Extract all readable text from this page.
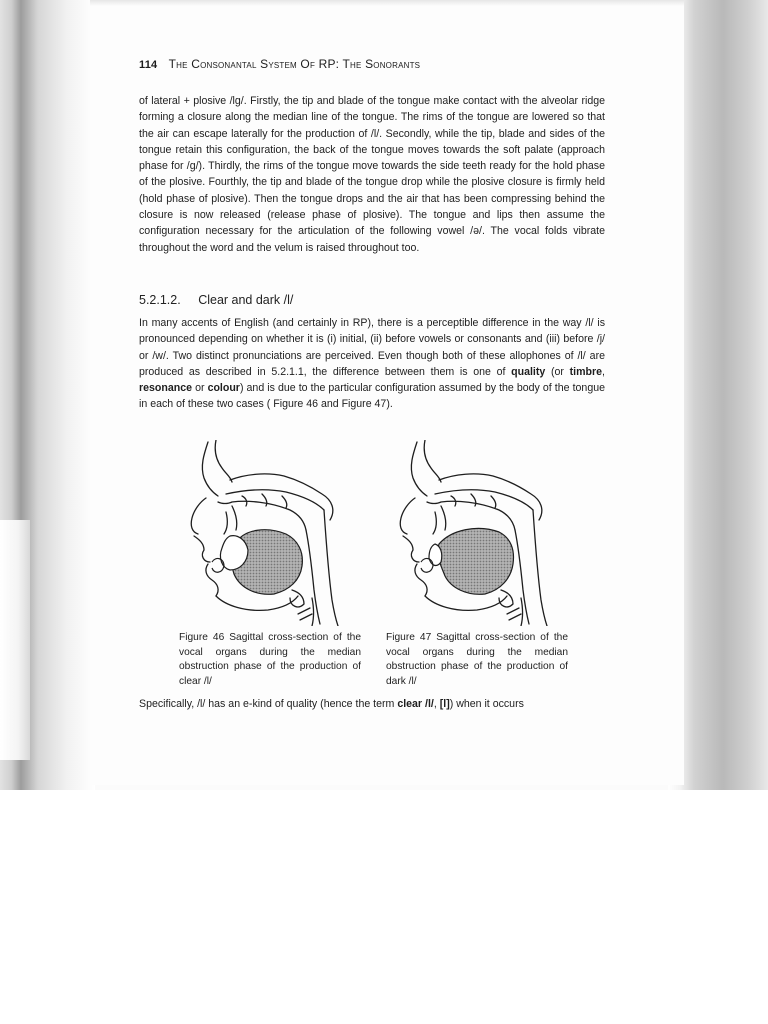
114 The Consonantal System Of RP: The Sonorants

of lateral + plosive /lg/. Firstly, the tip and blade of the tongue make contact with the alveolar ridge forming a closure along the median line of the tongue. The rims of the tongue are lowered so that the air can escape laterally for the production of /l/. Secondly, while the tip, blade and sides of the tongue retain this configuration, the back of the tongue moves towards the soft palate (approach phase for /g/). Thirdly, the rims of the tongue move towards the side teeth ready for the hold phase of the plosive. Fourthly, the tip and blade of the tongue drop while the plosive closure is firmly held (hold phase of plosive). Then the tongue drops and the air that has been compressing behind the closure is now released (release phase of plosive). The tongue and lips then assume the configuration necessary for the articulation of the following vowel /ə/. The vocal folds vibrate throughout the word and the velum is raised throughout too.

5.2.1.2. Clear and dark /l/

In many accents of English (and certainly in RP), there is a perceptible difference in the way /l/ is pronounced depending on whether it is (i) initial, (ii) before vowels or consonants and (iii) before /j/ or /w/. Two distinct pronunciations are perceived. Even though both of these allophones of /l/ are produced as described in 5.2.1.1, the difference between them is one of quality (or timbre, resonance or colour) and is due to the particular configuration assumed by the body of the tongue in each of these two cases ( Figure 46 and Figure 47).

Figure 46 Sagittal cross-section of the vocal organs during the median obstruction phase of the production of clear /l/

Figure 47 Sagittal cross-section of the vocal organs during the median obstruction phase of the production of dark /l/

Specifically, /l/ has an e-kind of quality (hence the term clear /l/, [l]) when it occurs
